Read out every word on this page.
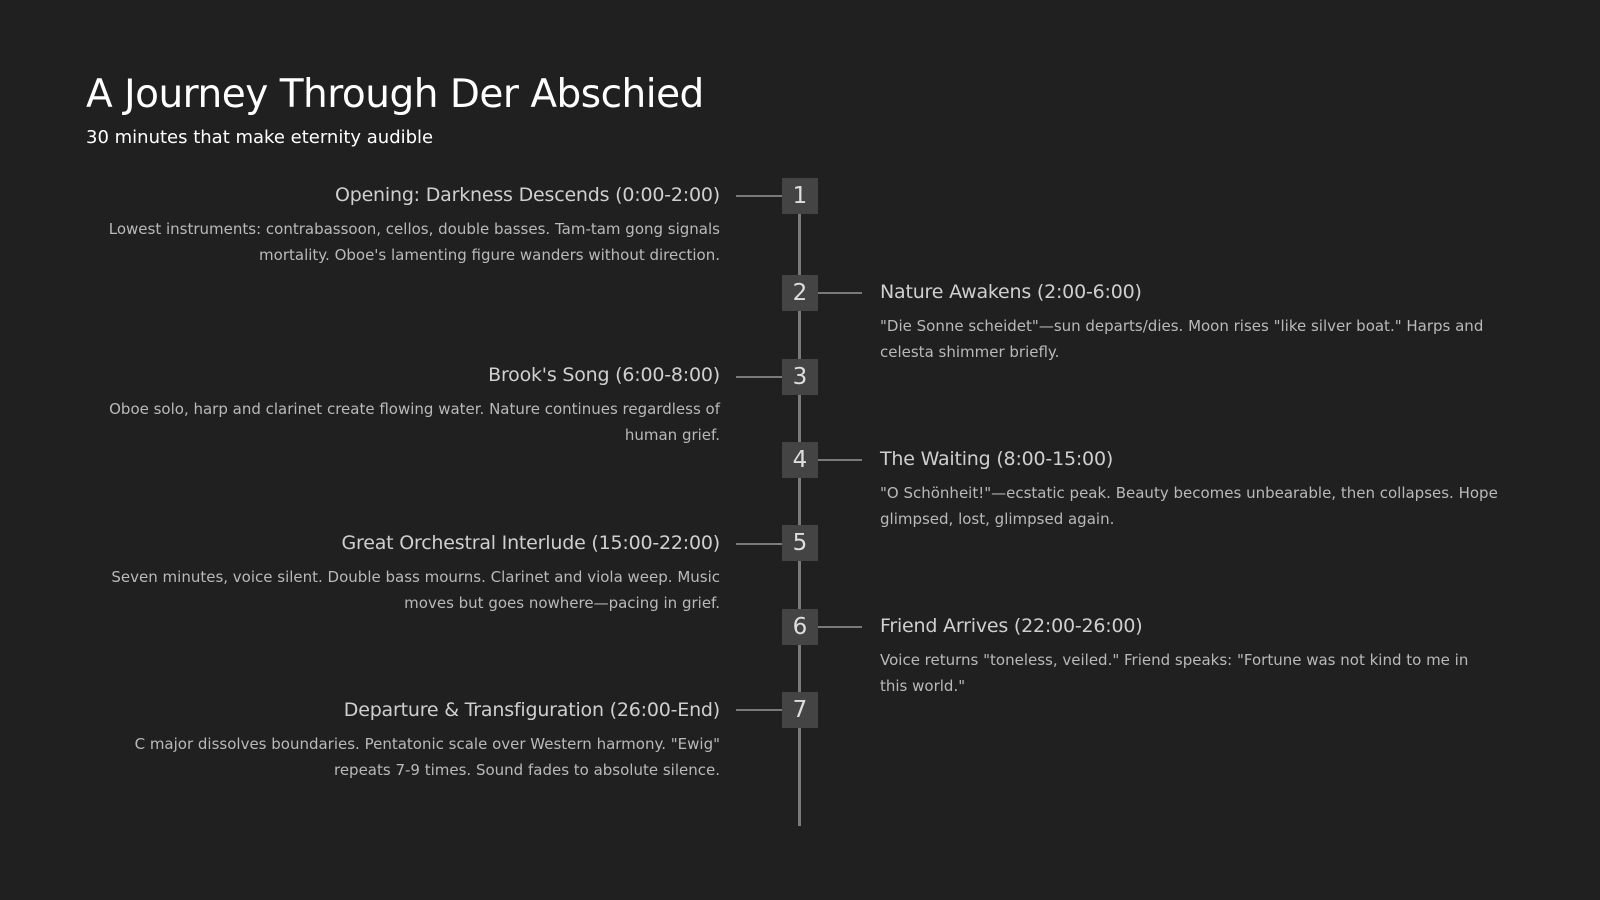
A Journey Through Der Abschied
30 minutes that make eternity audible
1
Opening: Darkness Descends (0:00-2:00)
Lowest instruments: contrabassoon, cellos, double basses. Tam-tam gong signals mortality. Oboe's lamenting figure wanders without direction.
2	Nature Awakens (2:00-6:00)
"Die Sonne scheidet"—sun departs/dies. Moon rises "like silver boat." Harps and celesta shimmer briefly.
3
Brook's Song (6:00-8:00)
Oboe solo, harp and clarinet create flowing water. Nature continues regardless of human grief.
4	The Waiting (8:00-15:00)
"O Schönheit!"—ecstatic peak. Beauty becomes unbearable, then collapses. Hope glimpsed, lost, glimpsed again.
5
Great Orchestral Interlude (15:00-22:00)
Seven minutes, voice silent. Double bass mourns. Clarinet and viola weep. Music moves but goes nowhere—pacing in grief.
6	Friend Arrives (22:00-26:00)
Voice returns "toneless, veiled." Friend speaks: "Fortune was not kind to me in this world."
7
Departure & Transfiguration (26:00-End)
C major dissolves boundaries. Pentatonic scale over Western harmony. "Ewig" repeats 7-9 times. Sound fades to absolute silence.
